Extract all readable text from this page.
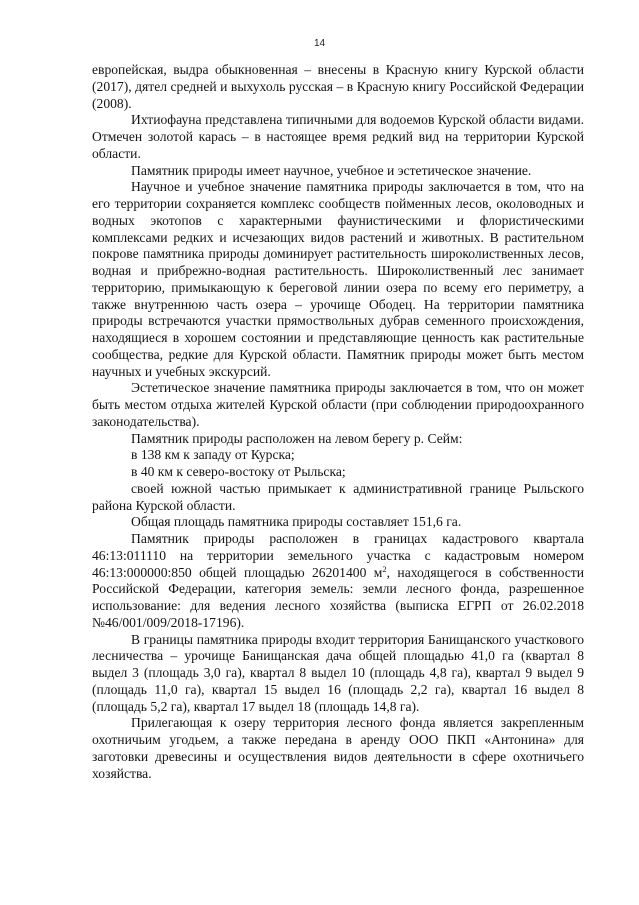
14

европейская, выдра обыкновенная – внесены в Красную книгу Курской области (2017), дятел средней и выхухоль русская – в Красную книгу Российской Федерации (2008).

Ихтиофауна представлена типичными для водоемов Курской области видами. Отмечен золотой карась – в настоящее время редкий вид на территории Курской области.

Памятник природы имеет научное, учебное и эстетическое значение.

Научное и учебное значение памятника природы заключается в том, что на его территории сохраняется комплекс сообществ пойменных лесов, околоводных и водных экотопов с характерными фаунистическими и флористическими комплексами редких и исчезающих видов растений и животных. В растительном покрове памятника природы доминирует растительность широколиственных лесов, водная и прибрежно-водная растительность. Широколиственный лес занимает территорию, примыкающую к береговой линии озера по всему его периметру, а также внутреннюю часть озера – урочище Ободец. На территории памятника природы встречаются участки прямоствольных дубрав семенного происхождения, находящиеся в хорошем состоянии и представляющие ценность как растительные сообщества, редкие для Курской области. Памятник природы может быть местом научных и учебных экскурсий.

Эстетическое значение памятника природы заключается в том, что он может быть местом отдыха жителей Курской области (при соблюдении природоохранного законодательства).

Памятник природы расположен на левом берегу р. Сейм:

в 138 км к западу от Курска;

в 40 км к северо-востоку от Рыльска;

своей южной частью примыкает к административной границе Рыльского района Курской области.

Общая площадь памятника природы составляет 151,6 га.

Памятник природы расположен в границах кадастрового квартала 46:13:011110 на территории земельного участка с кадастровым номером 46:13:000000:850 общей площадью 26201400 $м^2$, находящегося в собственности Российской Федерации, категория земель: земли лесного фонда, разрешенное использование: для ведения лесного хозяйства (выписка ЕГРП от 26.02.2018 №46/001/009/2018-17196).

В границы памятника природы входит территория Банищанского участкового лесничества – урочище Банищанская дача общей площадью 41,0 га (квартал 8 выдел 3 (площадь 3,0 га), квартал 8 выдел 10 (площадь 4,8 га), квартал 9 выдел 9 (площадь 11,0 га), квартал 15 выдел 16 (площадь 2,2 га), квартал 16 выдел 8 (площадь 5,2 га), квартал 17 выдел 18 (площадь 14,8 га).

Прилегающая к озеру территория лесного фонда является закрепленным охотничьим угодьем, а также передана в аренду ООО ПКП «Антонина» для заготовки древесины и осуществления видов деятельности в сфере охотничьего хозяйства.
